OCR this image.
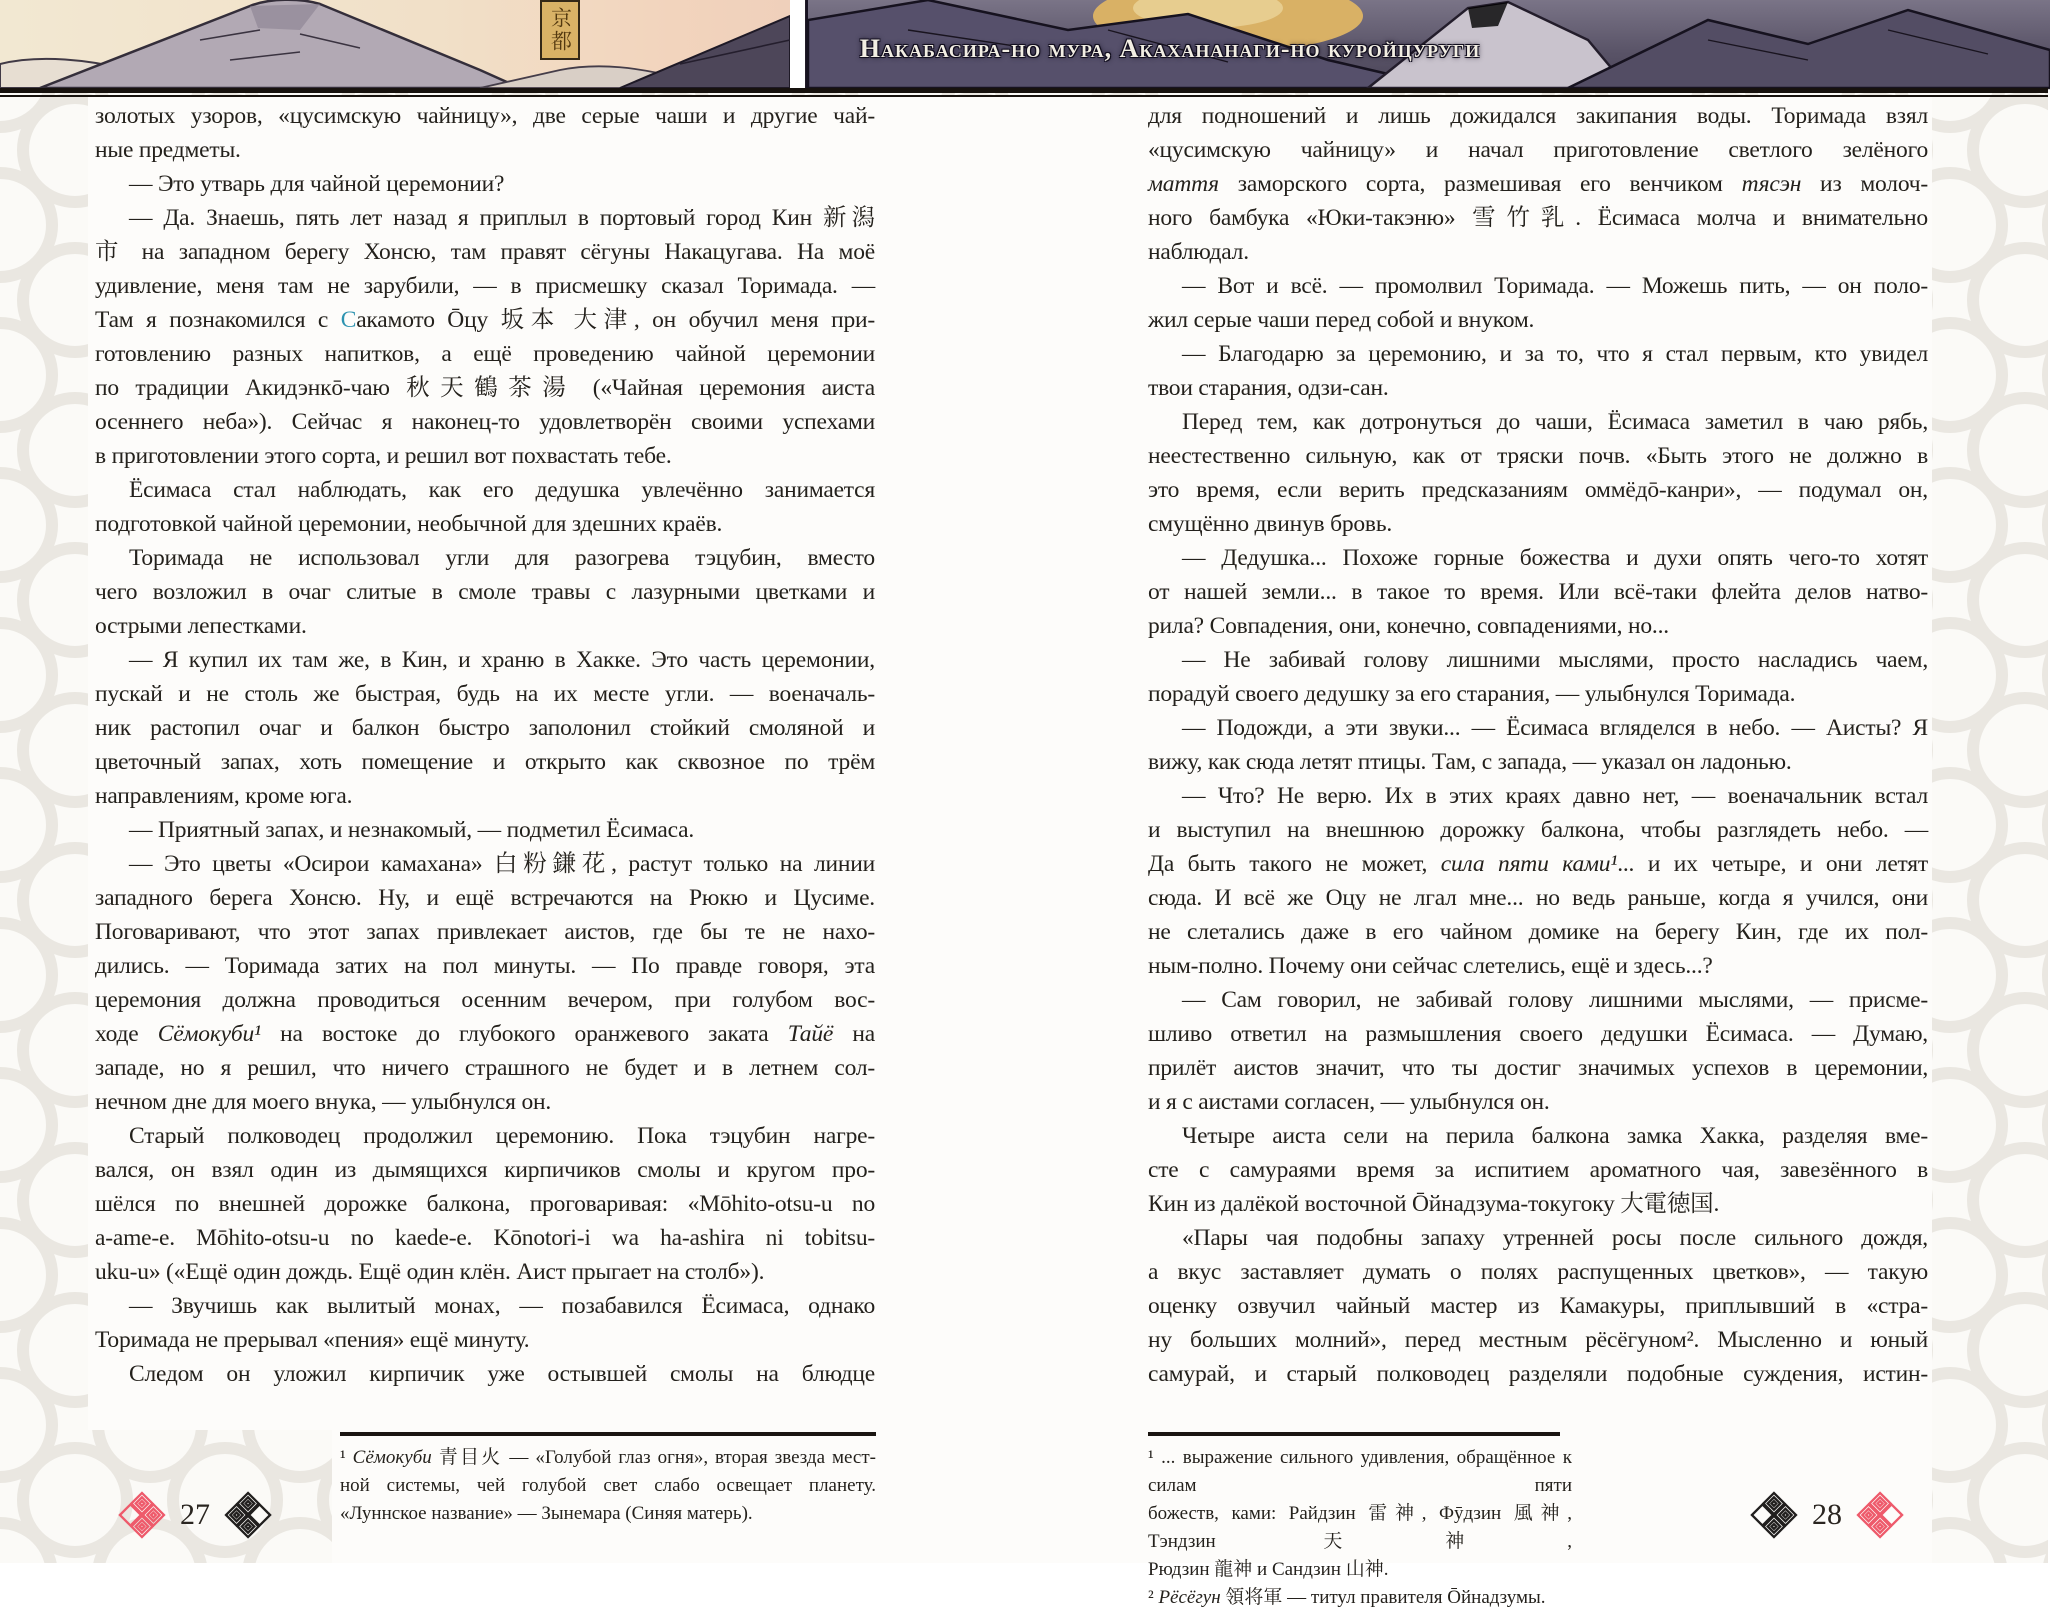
京都	Накабасира-но мура, Акахананаги-но куройцуруги
золотых узоров, «цусимскую чайницу», две серые чаши и другие чай-
ные предметы.
— Это утварь для чайной церемонии?
— Да. Знаешь, пять лет назад я приплыл в портовый город Кин 新潟
市 на западном берегу Хонсю, там правят сёгуны Накацугава. На моё
удивление, меня там не зарубили, — в присмешку сказал Торимада. —
Там я познакомился с Сакамото Ōцу 坂本 大津, он обучил меня при-
готовлению разных напитков, а ещё проведению чайной церемонии
по традиции Акидэнкō-чаю 秋天鶴茶湯 («Чайная церемония аиста
осеннего неба»). Сейчас я наконец-то удовлетворён своими успехами
в приготовлении этого сорта, и решил вот похвастать тебе.
Ёсимаса стал наблюдать, как его дедушка увлечённо занимается
подготовкой чайной церемонии, необычной для здешних краёв.
Торимада не использовал угли для разогрева тэцубин, вместо
чего возложил в очаг слитые в смоле травы с лазурными цветками и
острыми лепестками.
— Я купил их там же, в Кин, и храню в Хакке. Это часть церемонии,
пускай и не столь же быстрая, будь на их месте угли. — военачаль-
ник растопил очаг и балкон быстро заполонил стойкий смоляной и
цветочный запах, хоть помещение и открыто как сквозное по трём
направлениям, кроме юга.
— Приятный запах, и незнакомый, — подметил Ёсимаса.
— Это цветы «Осирои камахана» 白粉鎌花, растут только на линии
западного берега Хонсю. Ну, и ещё встречаются на Рюкю и Цусиме.
Поговаривают, что этот запах привлекает аистов, где бы те не нахо-
дились. — Торимада затих на пол минуты. — По правде говоря, эта
церемония должна проводиться осенним вечером, при голубом вос-
ходе Сёмокуби¹ на востоке до глубокого оранжевого заката Тайё на
западе, но я решил, что ничего страшного не будет и в летнем сол-
нечном дне для моего внука, — улыбнулся он.
Старый полководец продолжил церемонию. Пока тэцубин нагре-
вался, он взял один из дымящихся кирпичиков смолы и кругом про-
шёлся по внешней дорожке балкона, проговаривая: «Mōhito-otsu-u no
a-ame-e. Mōhito-otsu-u no kaede-e. Kōnotori-i wa ha-ashira ni tobitsu-
uku-u» («Ещё один дождь. Ещё один клён. Аист прыгает на столб»).
— Звучишь как вылитый монах, — позабавился Ёсимаса, однако
Торимада не прерывал «пения» ещё минуту.
Следом он уложил кирпичик уже остывшей смолы на блюдце
для подношений и лишь дожидался закипания воды. Торимада взял
«цусимскую чайницу» и начал приготовление светлого зелёного
маття заморского сорта, размешивая его венчиком тясэн из молоч-
ного бамбука «Юки-такэню» 雪竹乳. Ёсимаса молча и внимательно
наблюдал.
— Вот и всё. — промолвил Торимада. — Можешь пить, — он поло-
жил серые чаши перед собой и внуком.
— Благодарю за церемонию, и за то, что я стал первым, кто увидел
твои старания, одзи-сан.
Перед тем, как дотронуться до чаши, Ёсимаса заметил в чаю рябь,
неестественно сильную, как от тряски почв. «Быть этого не должно в
это время, если верить предсказаниям оммёдō-канри», — подумал он,
смущённо двинув бровь.
— Дедушка... Похоже горные божества и духи опять чего-то хотят
от нашей земли... в такое то время. Или всё-таки флейта делов натво-
рила? Совпадения, они, конечно, совпадениями, но...
— Не забивай голову лишними мыслями, просто насладись чаем,
порадуй своего дедушку за его старания, — улыбнулся Торимада.
— Подожди, а эти звуки... — Ёсимаса вгляделся в небо. — Аисты? Я
вижу, как сюда летят птицы. Там, с запада, — указал он ладонью.
— Что? Не верю. Их в этих краях давно нет, — военачальник встал
и выступил на внешнюю дорожку балкона, чтобы разглядеть небо. —
Да быть такого не может, сила пяти ками¹... и их четыре, и они летят
сюда. И всё же Оцу не лгал мне... но ведь раньше, когда я учился, они
не слетались даже в его чайном домике на берегу Кин, где их пол-
ным-полно. Почему они сейчас слетелись, ещё и здесь...?
— Сам говорил, не забивай голову лишними мыслями, — присме-
шливо ответил на размышления своего дедушки Ёсимаса. — Думаю,
прилёт аистов значит, что ты достиг значимых успехов в церемонии,
и я с аистами согласен, — улыбнулся он.
Четыре аиста сели на перила балкона замка Хакка, разделяя вме-
сте с самураями время за испитием ароматного чая, завезённого в
Кин из далёкой восточной Ōйнадзума-токугоку 大電徳国.
«Пары чая подобны запаху утренней росы после сильного дождя,
а вкус заставляет думать о полях распущенных цветков», — такую
оценку озвучил чайный мастер из Камакуры, приплывший в «стра-
ну больших молний», перед местным рёсёгуном². Мысленно и юный
самурай, и старый полководец разделяли подобные суждения, истин-
¹ Сёмокуби 青目火 — «Голубой глаз огня», вторая звезда мест-
ной системы, чей голубой свет слабо освещает планету.
«Луннское название» — Зынемара (Синяя матерь).
¹ ... выражение сильного удивления, обращённое к силам пяти
божеств, ками: Райдзин 雷神, Фӯдзин 風神, Тэндзин 天神,
Рюдзин 龍神 и Сандзин 山神.
² Рёсёгун 領将軍 — титул правителя Ōйнадзумы.
27	28
